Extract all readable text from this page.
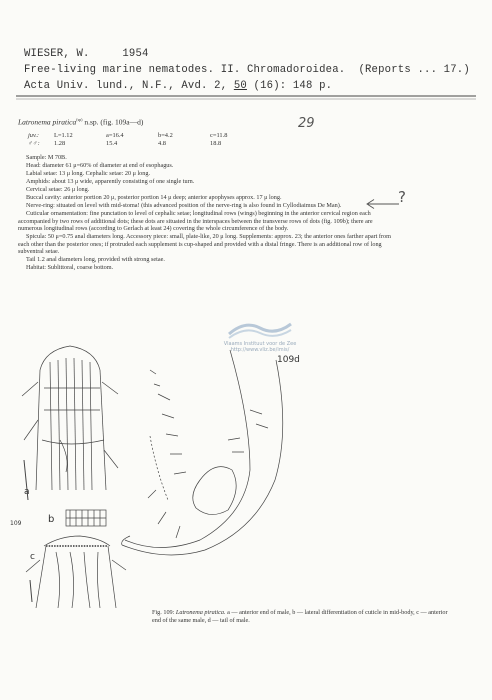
WIESER, W.	1954
Free-living marine nematodes. II. Chromadoroidea. (Reports ... 17.)
Acta Univ. lund., N.F., Avd. 2, 50 (16): 148 p.
29
Latronema piratica$^{(sp)}$ n.sp. (fig. 109a—d)
juv.:	L=1.12	a=16.4	b=4.2	c=11.8
♂♂:	1.28	15.4	4.8	18.8

Sample: M 70B.

Head: diameter 61 μ=60% of diameter at end of esophagus.

Labial setae: 13 μ long. Cephalic setae: 20 μ long.

Amphids: about 13 μ wide, apparently consisting of one single turn.

Cervical setae: 26 μ long.

Buccal cavity: anterior portion 20 μ, posterior portion 14 μ deep; anterior apophyses approx. 17 μ long.

Nerve-ring: situated on level with mid-stoma! (this advanced position of the nerve-ring is also found in Cyllodiaimus De Man).

Cuticular ornamentation: fine punctation to level of cephalic setae; longitudinal rows (wings) beginning in the anterior cervical region each accompanied by two rows of additional dots; these dots are situated in the interspaces between the transverse rows of dots (fig. 109b); there are numerous longitudinal rows (according to Gerlach at least 24) covering the whole circumference of the body.

Spicula: 50 μ=0.75 anal diameters long. Accessory piece: small, plate-like, 20 μ long. Supplements: approx. 23; the anterior ones farther apart from each other than the posterior ones; if protruded each supplement is cup-shaped and provided with a distal fringe. There is an additional row of long subventral setae.

Tail 1.2 anal diameters long, provided with strong setae.

Habitat: Sublittoral, coarse bottom.

?
Vlaams Instituut voor de Zee
http://www.vliz.be/imis/
109d
a
109	b
c
Fig. 109: Latronema piratica. a — anterior end of male, b — lateral differentiation of cuticle in mid-body, c — anterior end of the same male, d — tail of male.
